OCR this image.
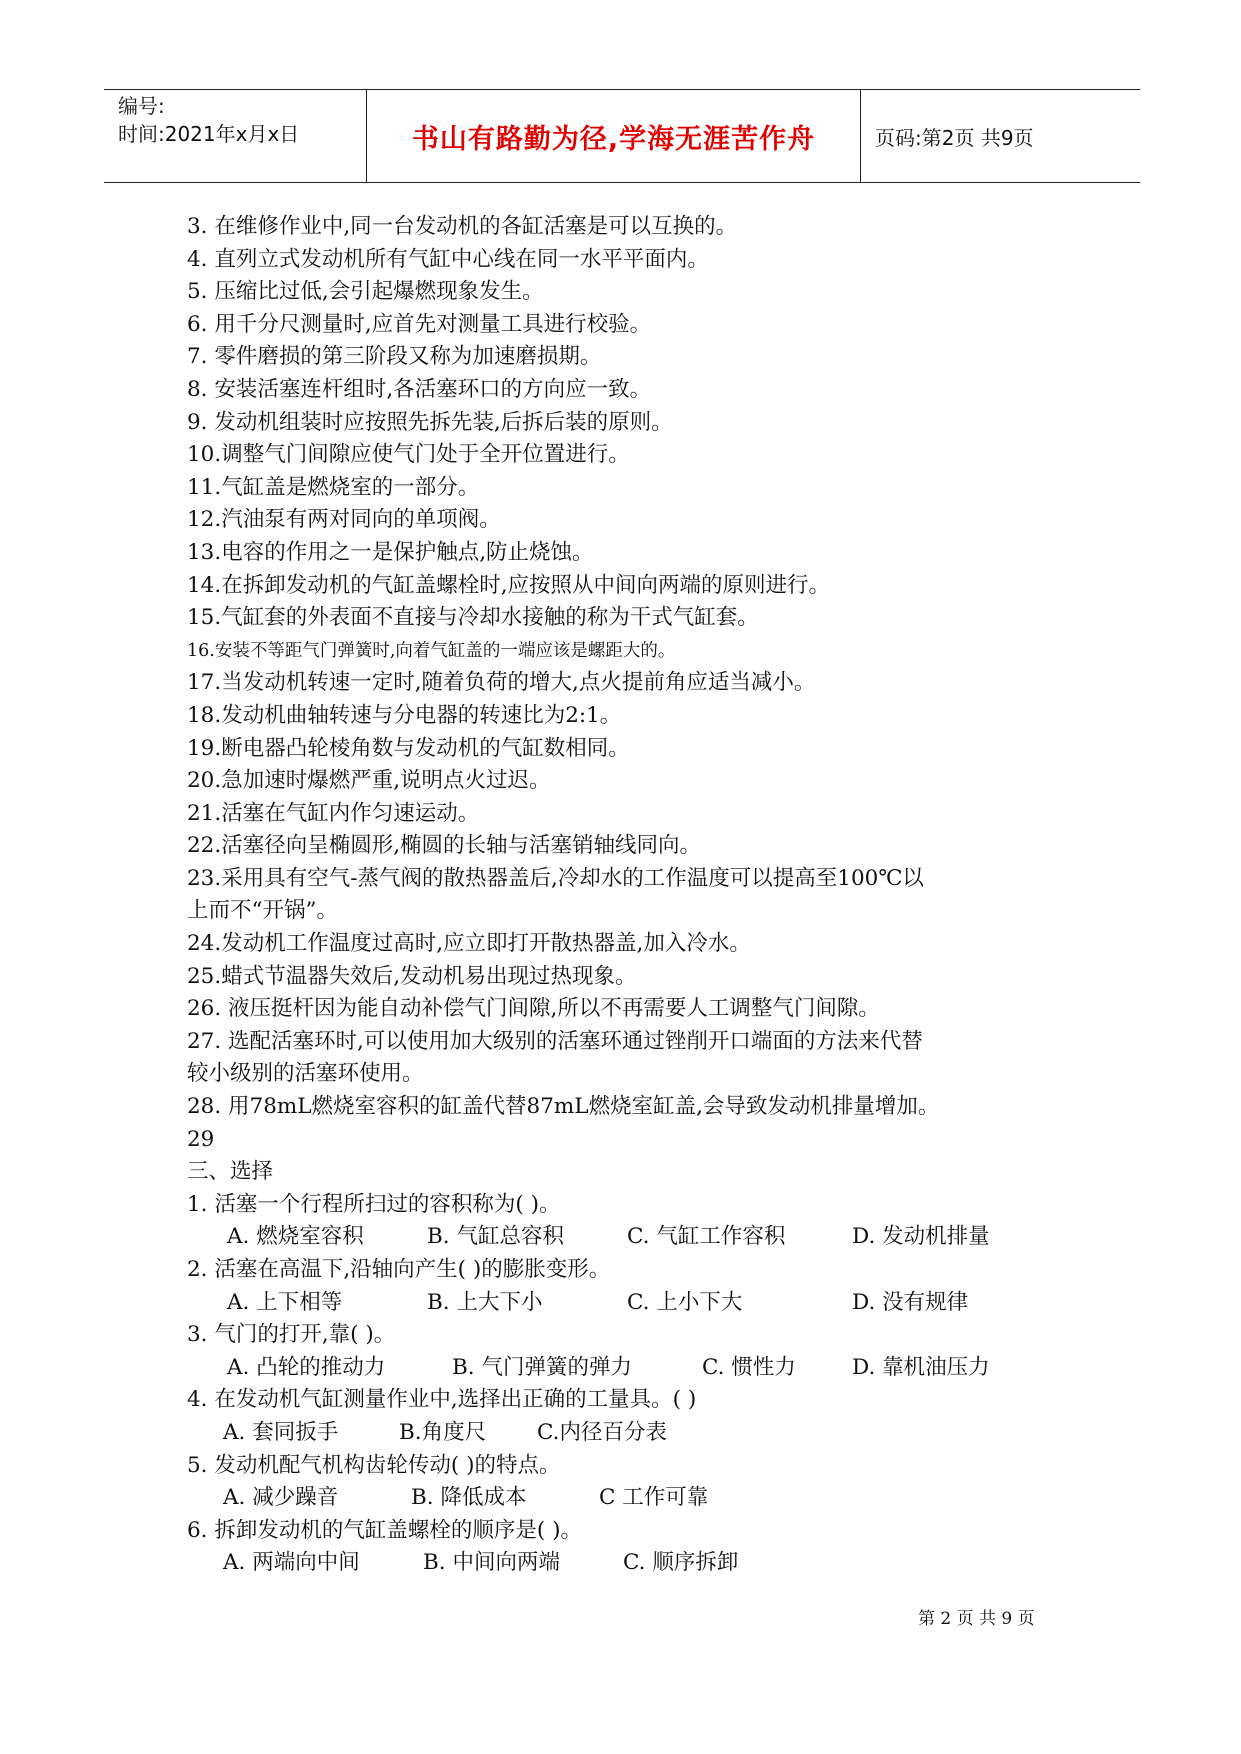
编号:
时间:2021年x月x日	书山有路勤为径,学海无涯苦作舟	页码:第2页 共9页
3. 在维修作业中,同一台发动机的各缸活塞是可以互换的。
4. 直列立式发动机所有气缸中心线在同一水平平面内。
5. 压缩比过低,会引起爆燃现象发生。
6. 用千分尺测量时,应首先对测量工具进行校验。
7. 零件磨损的第三阶段又称为加速磨损期。
8. 安装活塞连杆组时,各活塞环口的方向应一致。
9. 发动机组装时应按照先拆先装,后拆后装的原则。
10.调整气门间隙应使气门处于全开位置进行。
11.气缸盖是燃烧室的一部分。
12.汽油泵有两对同向的单项阀。
13.电容的作用之一是保护触点,防止烧蚀。
14.在拆卸发动机的气缸盖螺栓时,应按照从中间向两端的原则进行。
15.气缸套的外表面不直接与冷却水接触的称为干式气缸套。
16.安装不等距气门弹簧时,向着气缸盖的一端应该是螺距大的。
17.当发动机转速一定时,随着负荷的增大,点火提前角应适当减小。
18.发动机曲轴转速与分电器的转速比为2:1。
19.断电器凸轮棱角数与发动机的气缸数相同。
20.急加速时爆燃严重,说明点火过迟。
21.活塞在气缸内作匀速运动。
22.活塞径向呈椭圆形,椭圆的长轴与活塞销轴线同向。
23.采用具有空气-蒸气阀的散热器盖后,冷却水的工作温度可以提高至100℃以
上而不“开锅”。
24.发动机工作温度过高时,应立即打开散热器盖,加入冷水。
25.蜡式节温器失效后,发动机易出现过热现象。
26. 液压挺杆因为能自动补偿气门间隙,所以不再需要人工调整气门间隙。
27. 选配活塞环时,可以使用加大级别的活塞环通过锉削开口端面的方法来代替
较小级别的活塞环使用。
28. 用78mL燃烧室容积的缸盖代替87mL燃烧室缸盖,会导致发动机排量增加。
29
三、选择
1. 活塞一个行程所扫过的容积称为( )。
A. 燃烧室容积	B. 气缸总容积	C. 气缸工作容积	D. 发动机排量
2. 活塞在高温下,沿轴向产生( )的膨胀变形。
A. 上下相等	B. 上大下小	C. 上小下大	D. 没有规律
3. 气门的打开,靠( )。
A. 凸轮的推动力	B. 气门弹簧的弹力	C. 惯性力	D. 靠机油压力
4. 在发动机气缸测量作业中,选择出正确的工量具。( )
A. 套同扳手	B.角度尺	C.内径百分表
5. 发动机配气机构齿轮传动( )的特点。
A. 减少躁音	B. 降低成本	C 工作可靠
6. 拆卸发动机的气缸盖螺栓的顺序是( )。
A. 两端向中间	B. 中间向两端	C. 顺序拆卸
第 2 页 共 9 页
